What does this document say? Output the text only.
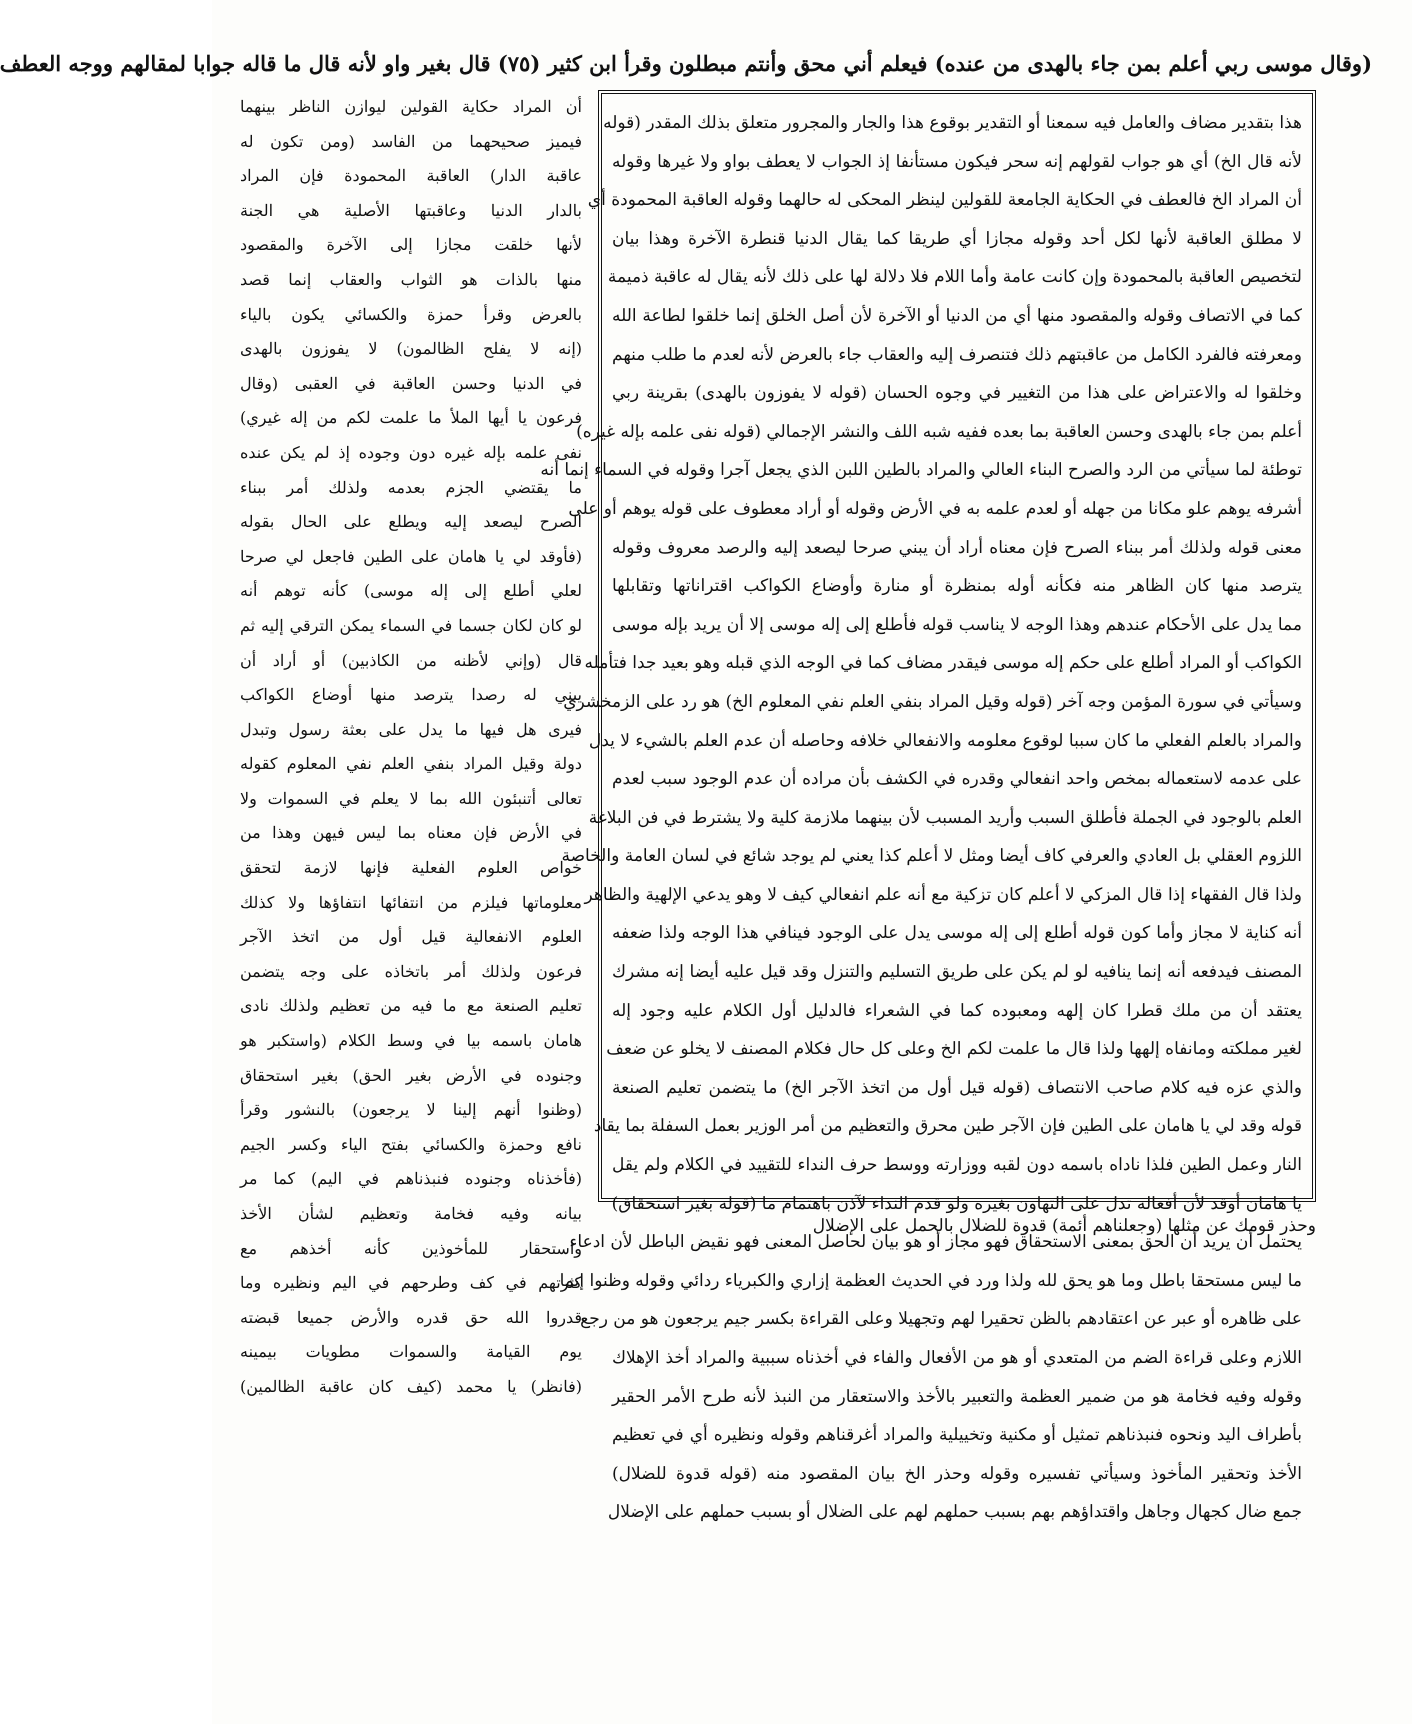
(وقال موسى ربي أعلم بمن جاء بالهدى من عنده) فيعلم أني محق وأنتم مبطلون وقرأ ابن كثير (٧٥) قال بغير واو لأنه قال ما قاله جوابا لمقالهم ووجه العطف
هذا بتقدير مضاف والعامل فيه سمعنا أو التقدير بوقوع هذا والجار والمجرور متعلق بذلك المقدر (قوله
لأنه قال الخ) أي هو جواب لقولهم إنه سحر فيكون مستأنفا إذ الجواب لا يعطف بواو ولا غيرها وقوله
أن المراد الخ فالعطف في الحكاية الجامعة للقولين لينظر المحكى له حالهما وقوله العاقبة المحمودة أي
لا مطلق العاقبة لأنها لكل أحد وقوله مجازا أي طريقا كما يقال الدنيا قنطرة الآخرة وهذا بيان
لتخصيص العاقبة بالمحمودة وإن كانت عامة وأما اللام فلا دلالة لها على ذلك لأنه يقال له عاقبة ذميمة
كما في الاتصاف وقوله والمقصود منها أي من الدنيا أو الآخرة لأن أصل الخلق إنما خلقوا لطاعة الله
ومعرفته فالفرد الكامل من عاقبتهم ذلك فتنصرف إليه والعقاب جاء بالعرض لأنه لعدم ما طلب منهم
وخلقوا له والاعتراض على هذا من التغيير في وجوه الحسان (قوله لا يفوزون بالهدى) بقرينة ربي
أعلم بمن جاء بالهدى وحسن العاقبة بما بعده ففيه شبه اللف والنشر الإجمالي (قوله نفى علمه بإله غيره)
توطئة لما سيأتي من الرد والصرح البناء العالي والمراد بالطين اللبن الذي يجعل آجرا وقوله في السماء إنما أنه
أشرفه يوهم علو مكانا من جهله أو لعدم علمه به في الأرض وقوله أو أراد معطوف على قوله يوهم أو على
معنى قوله ولذلك أمر ببناء الصرح فإن معناه أراد أن يبني صرحا ليصعد إليه والرصد معروف وقوله
يترصد منها كان الظاهر منه فكأنه أوله بمنظرة أو منارة وأوضاع الكواكب اقتراناتها وتقابلها
مما يدل على الأحكام عندهم وهذا الوجه لا يناسب قوله فأطلع إلى إله موسى إلا أن يريد بإله موسى
الكواكب أو المراد أطلع على حكم إله موسى فيقدر مضاف كما في الوجه الذي قبله وهو بعيد جدا فتأمله
وسيأتي في سورة المؤمن وجه آخر (قوله وقيل المراد بنفي العلم نفي المعلوم الخ) هو رد على الزمخشري
والمراد بالعلم الفعلي ما كان سببا لوقوع معلومه والانفعالي خلافه وحاصله أن عدم العلم بالشيء لا يدل
على عدمه لاستعماله بمخص واحد انفعالي وقدره في الكشف بأن مراده أن عدم الوجود سبب لعدم
العلم بالوجود في الجملة فأطلق السبب وأريد المسبب لأن بينهما ملازمة كلية ولا يشترط في فن البلاغة
اللزوم العقلي بل العادي والعرفي كاف أيضا ومثل لا أعلم كذا يعني لم يوجد شائع في لسان العامة والخاصة
ولذا قال الفقهاء إذا قال المزكي لا أعلم كان تزكية مع أنه علم انفعالي كيف لا وهو يدعي الإلهية والظاهر
أنه كناية لا مجاز وأما كون قوله أطلع إلى إله موسى يدل على الوجود فينافي هذا الوجه ولذا ضعفه
المصنف فيدفعه أنه إنما ينافيه لو لم يكن على طريق التسليم والتنزل وقد قيل عليه أيضا إنه مشرك
يعتقد أن من ملك قطرا كان إلهه ومعبوده كما في الشعراء فالدليل أول الكلام عليه وجود إله
لغير مملكته ومانفاه إلهها ولذا قال ما علمت لكم الخ وعلى كل حال فكلام المصنف لا يخلو عن ضعف
والذي عزه فيه كلام صاحب الانتصاف (قوله قيل أول من اتخذ الآجر الخ) ما يتضمن تعليم الصنعة
قوله وقد لي يا هامان على الطين فإن الآجر طين محرق والتعظيم من أمر الوزير بعمل السفلة بما يقاد
النار وعمل الطين فلذا ناداه باسمه دون لقبه ووزارته ووسط حرف النداء للتقييد في الكلام ولم يقل
يا هامان أوقد لأن أفعاله تدل على التهاون بغيره ولو قدم النداء لآذن باهتمام ما (قوله بغير استحقاق)
يحتمل أن يريد أن الحق بمعنى الاستحقاق فهو مجاز أو هو بيان لحاصل المعنى فهو نقيض الباطل لأن ادعاء
ما ليس مستحقا باطل وما هو يحق لله ولذا ورد في الحديث العظمة إزاري والكبرياء ردائي وقوله وظنوا إنما
على ظاهره أو عبر عن اعتقادهم بالظن تحقيرا لهم وتجهيلا وعلى القراءة بكسر جيم يرجعون هو من رجع
اللازم وعلى قراءة الضم من المتعدي أو هو من الأفعال والفاء في أخذناه سببية والمراد أخذ الإهلاك
وقوله وفيه فخامة هو من ضمير العظمة والتعبير بالأخذ والاستعقار من النبذ لأنه طرح الأمر الحقير
بأطراف اليد ونحوه فنبذناهم تمثيل أو مكنية وتخييلية والمراد أغرقناهم وقوله ونظيره أي في تعظيم
الأخذ وتحقير المأخوذ وسيأتي تفسيره وقوله وحذر الخ بيان المقصود منه (قوله قدوة للضلال)
جمع ضال كجهال وجاهل واقتداؤهم بهم بسبب حملهم لهم على الضلال أو بسبب حملهم على الإضلال
أن المراد حكاية القولين ليوازن الناظر بينهما
فيميز صحيحهما من الفاسد (ومن تكون له
عاقبة الدار) العاقبة المحمودة فإن المراد
بالدار الدنيا وعاقبتها الأصلية هي الجنة
لأنها خلقت مجازا إلى الآخرة والمقصود
منها بالذات هو الثواب والعقاب إنما قصد
بالعرض وقرأ حمزة والكسائي يكون بالياء
(إنه لا يفلح الظالمون) لا يفوزون بالهدى
في الدنيا وحسن العاقبة في العقبى (وقال
فرعون يا أيها الملأ ما علمت لكم من إله غيري)
نفى علمه بإله غيره دون وجوده إذ لم يكن عنده
ما يقتضي الجزم بعدمه ولذلك أمر ببناء
الصرح ليصعد إليه ويطلع على الحال بقوله
(فأوقد لي يا هامان على الطين فاجعل لي صرحا
لعلي أطلع إلى إله موسى) كأنه توهم أنه
لو كان لكان جسما في السماء يمكن الترقي إليه ثم
قال (وإني لأظنه من الكاذبين) أو أراد أن
يبني له رصدا يترصد منها أوضاع الكواكب
فيرى هل فيها ما يدل على بعثة رسول وتبدل
دولة وقيل المراد بنفي العلم نفي المعلوم كقوله
تعالى أتنبئون الله بما لا يعلم في السموات ولا
في الأرض فإن معناه بما ليس فيهن وهذا من
خواص العلوم الفعلية فإنها لازمة لتحقق
معلوماتها فيلزم من انتفائها انتفاؤها ولا كذلك
العلوم الانفعالية قيل أول من اتخذ الآجر
فرعون ولذلك أمر باتخاذه على وجه يتضمن
تعليم الصنعة مع ما فيه من تعظيم ولذلك نادى
هامان باسمه بيا في وسط الكلام (واستكبر هو
وجنوده في الأرض بغير الحق) بغير استحقاق
(وظنوا أنهم إلينا لا يرجعون) بالنشور وقرأ
نافع وحمزة والكسائي بفتح الياء وكسر الجيم
(فأخذناه وجنوده فنبذناهم في اليم) كما مر
بيانه وفيه فخامة وتعظيم لشأن الأخذ
واستحقار للمأخوذين كأنه أخذهم مع
كثرتهم في كف وطرحهم في اليم ونظيره وما
قدروا الله حق قدره والأرض جميعا قبضته
يوم القيامة والسموات مطويات بيمينه
(فانظر) يا محمد (كيف كان عاقبة الظالمين)
وحذر قومك عن مثلها (وجعلناهم أئمة) قدوة للضلال بالحمل على الإضلال
